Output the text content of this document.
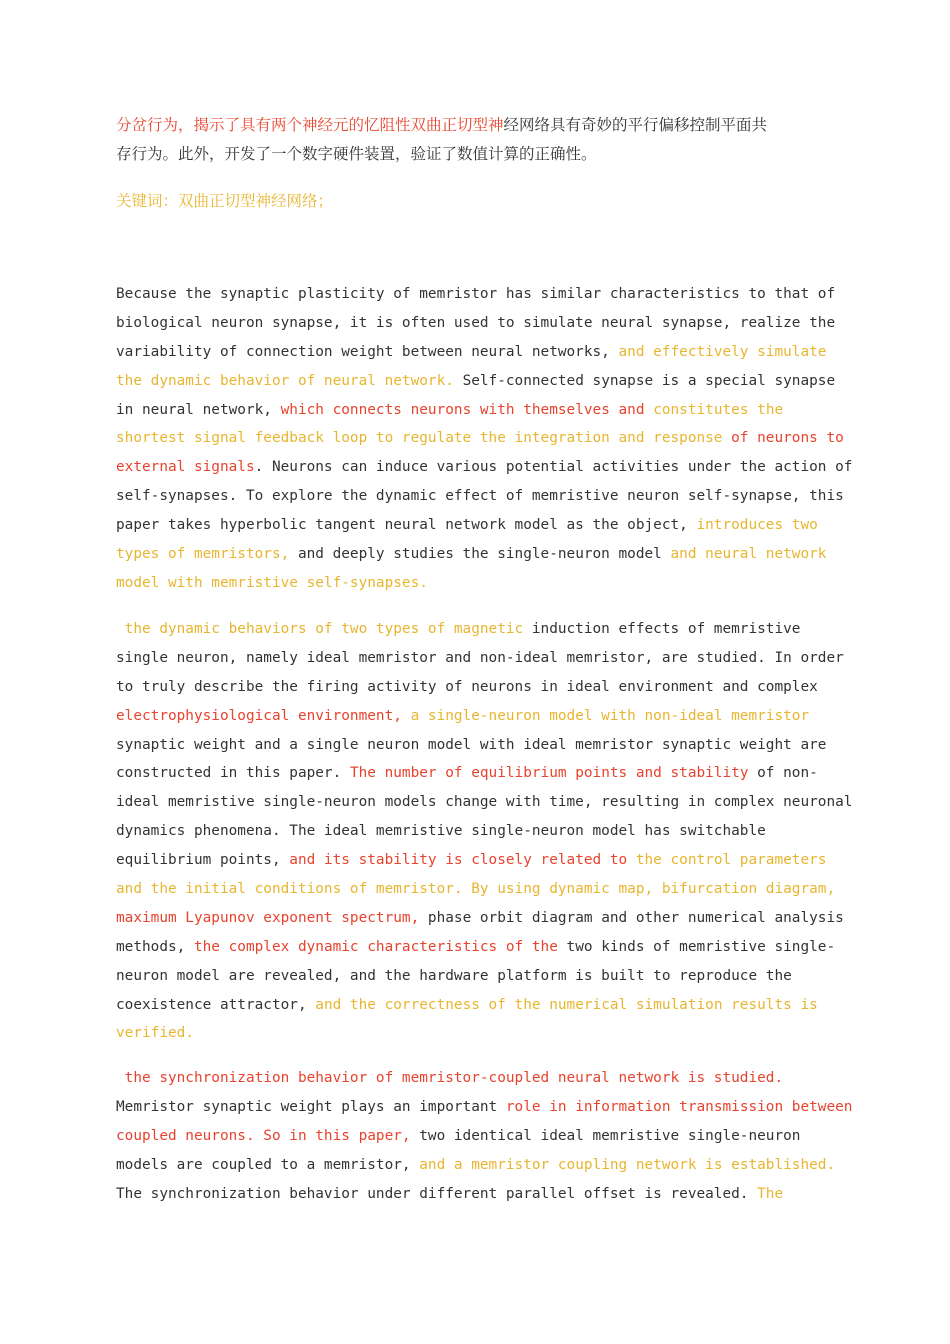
分岔行为，揭示了具有两个神经元的忆阻性双曲正切型神经网络具有奇妙的平行偏移控制平面共
存行为。此外，开发了一个数字硬件装置，验证了数值计算的正确性。
关键词：双曲正切型神经网络；
Because the synaptic plasticity of memristor has similar characteristics to that of
biological neuron synapse, it is often used to simulate neural synapse, realize the
variability of connection weight between neural networks, and effectively simulate
the dynamic behavior of neural network. Self-connected synapse is a special synapse
in neural network, which connects neurons with themselves and constitutes the
shortest signal feedback loop to regulate the integration and response of neurons to
external signals. Neurons can induce various potential activities under the action of
self-synapses. To explore the dynamic effect of memristive neuron self-synapse, this
paper takes hyperbolic tangent neural network model as the object, introduces two
types of memristors, and deeply studies the single-neuron model and neural network
model with memristive self-synapses.
the dynamic behaviors of two types of magnetic induction effects of memristive
single neuron, namely ideal memristor and non-ideal memristor, are studied. In order
to truly describe the firing activity of neurons in ideal environment and complex
electrophysiological environment, a single-neuron model with non-ideal memristor
synaptic weight and a single neuron model with ideal memristor synaptic weight are
constructed in this paper. The number of equilibrium points and stability of non-
ideal memristive single-neuron models change with time, resulting in complex neuronal
dynamics phenomena. The ideal memristive single-neuron model has switchable
equilibrium points, and its stability is closely related to the control parameters
and the initial conditions of memristor. By using dynamic map, bifurcation diagram,
maximum Lyapunov exponent spectrum, phase orbit diagram and other numerical analysis
methods, the complex dynamic characteristics of the two kinds of memristive single-
neuron model are revealed, and the hardware platform is built to reproduce the
coexistence attractor, and the correctness of the numerical simulation results is
verified.
the synchronization behavior of memristor-coupled neural network is studied.
Memristor synaptic weight plays an important role in information transmission between
coupled neurons. So in this paper, two identical ideal memristive single-neuron
models are coupled to a memristor, and a memristor coupling network is established.
The synchronization behavior under different parallel offset is revealed. The
